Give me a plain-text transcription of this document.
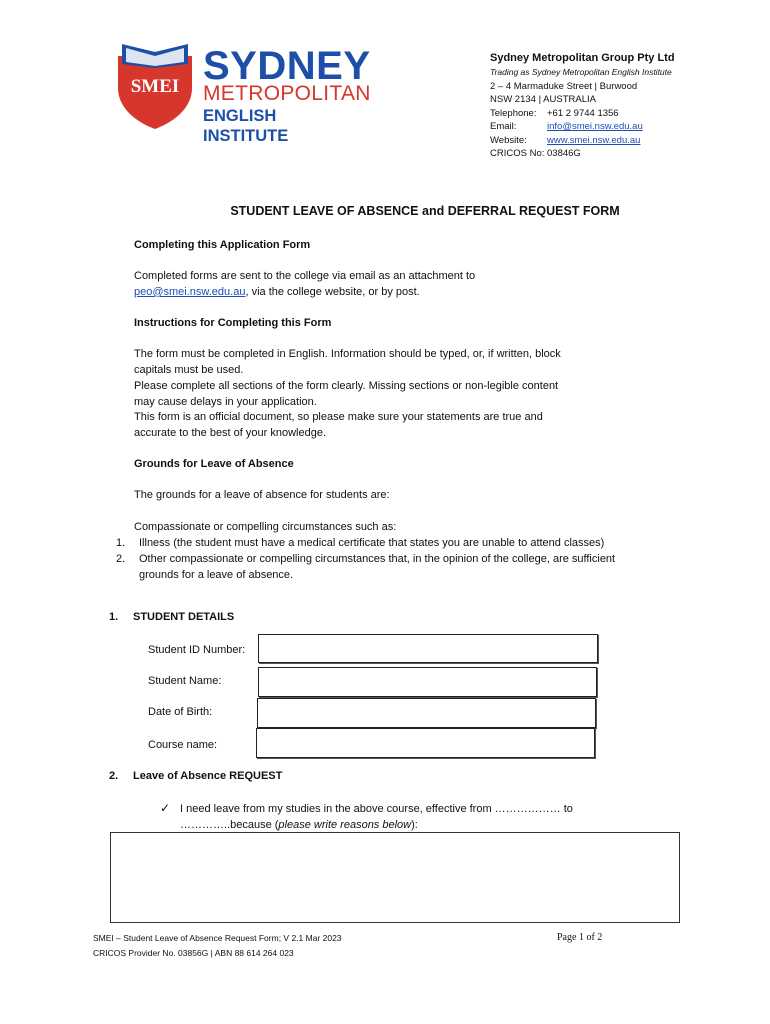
SMEI SYDNEY
METROPOLITAN
ENGLISH INSTITUTE
Sydney Metropolitan Group Pty Ltd
Trading as Sydney Metropolitan English Institute
2 – 4 Marmaduke Street | Burwood
NSW 2134 | AUSTRALIA
Telephone: +61 2 9744 1356
Email:	info@smei.nsw.edu.au
Website: www.smei.nsw.edu.au
CRICOS No: 03846G
STUDENT LEAVE OF ABSENCE and DEFERRAL REQUEST FORM
Completing this Application Form
Completed forms are sent to the college via email as an attachment to
peo@smei.nsw.edu.au, via the college website, or by post.
Instructions for Completing this Form
The form must be completed in English. Information should be typed, or, if written, block
capitals must be used.
Please complete all sections of the form clearly. Missing sections or non-legible content
may cause delays in your application.
This form is an official document, so please make sure your statements are true and
accurate to the best of your knowledge.
Grounds for Leave of Absence
The grounds for a leave of absence for students are:
Compassionate or compelling circumstances such as:
1. Illness (the student must have a medical certificate that states you are unable to attend classes)
2. Other compassionate or compelling circumstances that, in the opinion of the college, are sufficient
grounds for a leave of absence.
1. STUDENT DETAILS
Student ID Number:
Student Name:
Date of Birth:
Course name:
2. Leave of Absence REQUEST
✓ I need leave from my studies in the above course, effective from ……………… to
…………..because (please write reasons below):
SMEI – Student Leave of Absence Request Form; V 2.1 Mar 2023
CRICOS Provider No. 03856G | ABN 88 614 264 023
Page 1 of 2
